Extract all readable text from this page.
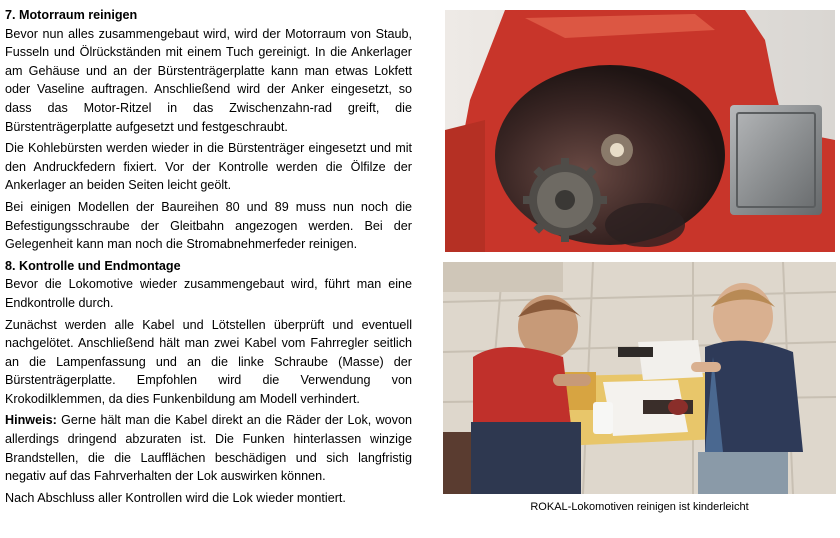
7. Motorraum reinigen

Bevor nun alles zusammengebaut wird, wird der Motorraum von Staub, Fusseln und Ölrückständen mit einem Tuch gereinigt. In die Ankerlager am Gehäuse und an der Bürstenträgerplatte kann man etwas Lokfett oder Vaseline auftragen. Anschließend wird der Anker eingesetzt, so dass das Motor-Ritzel in das Zwischenzahn-rad greift, die Bürstenträgerplatte aufgesetzt und festgeschraubt.

Die Kohlebürsten werden wieder in die Bürstenträger eingesetzt und mit den Andruckfedern fixiert. Vor der Kontrolle werden die Ölfilze der Ankerlager an beiden Seiten leicht geölt.

Bei einigen Modellen der Baureihen 80 und 89 muss nun noch die Befestigungsschraube der Gleitbahn angezogen werden. Bei der Gelegenheit kann man noch die Stromabnehmerfeder reinigen.

8. Kontrolle und Endmontage

Bevor die Lokomotive wieder zusammengebaut wird, führt man eine Endkontrolle durch.

Zunächst werden alle Kabel und Lötstellen überprüft und eventuell nachgelötet. Anschließend hält man zwei Kabel vom Fahrregler seitlich an die Lampenfassung und an die linke Schraube (Masse) der Bürstenträgerplatte. Empfohlen wird die Verwendung von Krokodilklemmen, da dies Funkenbildung am Modell verhindert.

Hinweis: Gerne hält man die Kabel direkt an die Räder der Lok, wovon allerdings dringend abzuraten ist. Die Funken hinterlassen winzige Brandstellen, die die Laufflächen beschädigen und sich langfristig negativ auf das Fahrverhalten der Lok auswirken können.

Nach Abschluss aller Kontrollen wird die Lok wieder montiert.

ROKAL-Lokomotiven reinigen ist kinderleicht
